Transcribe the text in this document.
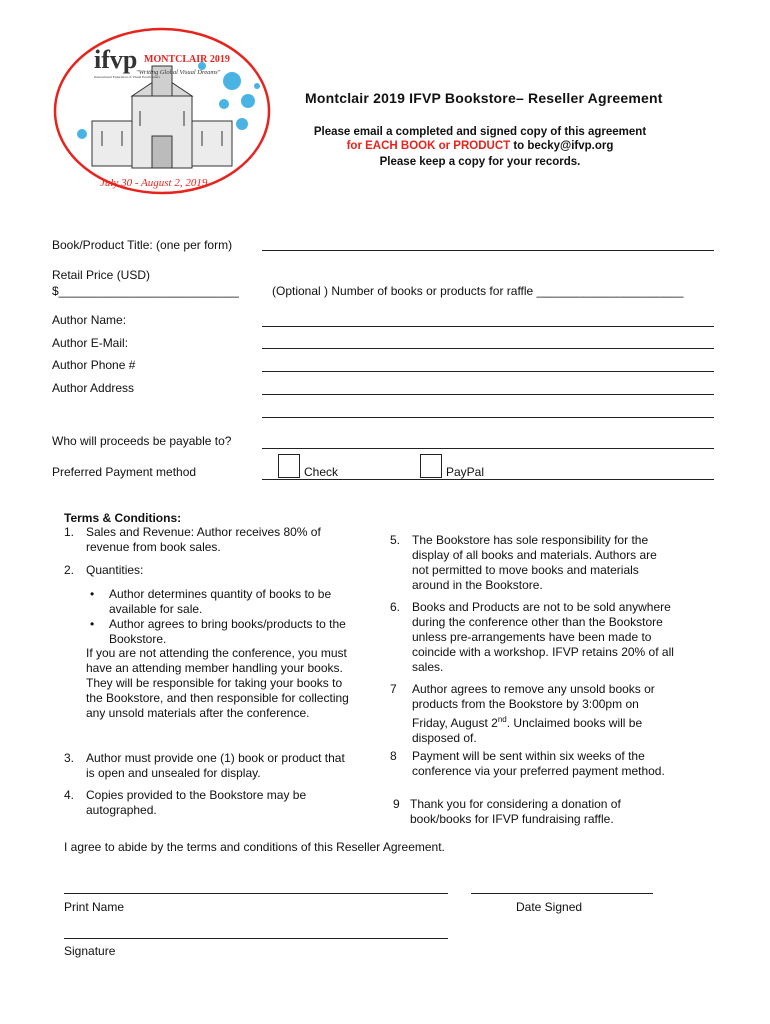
ifvp MONTCLAIR 2019
"Writing Global Visual Dreams"
International Federation of Visual Practitioners
July 30 - August 2, 2019
Montclair 2019 IFVP Bookstore– Reseller Agreement
Please email a completed and signed copy of this agreement
for EACH BOOK or PRODUCT to becky@ifvp.org
Please keep a copy for your records.
Book/Product Title: (one per form)
Retail Price (USD)
$___________________________	(Optional ) Number of books or products for raffle ______________________
Author Name:
Author E-Mail:
Author Phone #
Author Address
Who will proceeds be payable to?
Preferred Payment method	Check	PayPal
Terms & Conditions:
1. Sales and Revenue: Author receives 80% of revenue from book sales.
2. Quantities:
• Author determines quantity of books to be available for sale.
• Author agrees to bring books/products to the Bookstore.
If you are not attending the conference, you must have an attending member handling your books. They will be responsible for taking your books to the Bookstore, and then responsible for collecting any unsold materials after the conference.
3. Author must provide one (1) book or product that is open and unsealed for display.
4. Copies provided to the Bookstore may be autographed.
5. The Bookstore has sole responsibility for the display of all books and materials. Authors are not permitted to move books and materials around in the Bookstore.
6. Books and Products are not to be sold anywhere during the conference other than the Bookstore unless pre-arrangements have been made to coincide with a workshop. IFVP retains 20% of all sales.
7 Author agrees to remove any unsold books or products from the Bookstore by 3:00pm on Friday, August 2nd. Unclaimed books will be disposed of.
8 Payment will be sent within six weeks of the conference via your preferred payment method.
9 Thank you for considering a donation of book/books for IFVP fundraising raffle.
I agree to abide by the terms and conditions of this Reseller Agreement.
Print Name	Date Signed
Signature
